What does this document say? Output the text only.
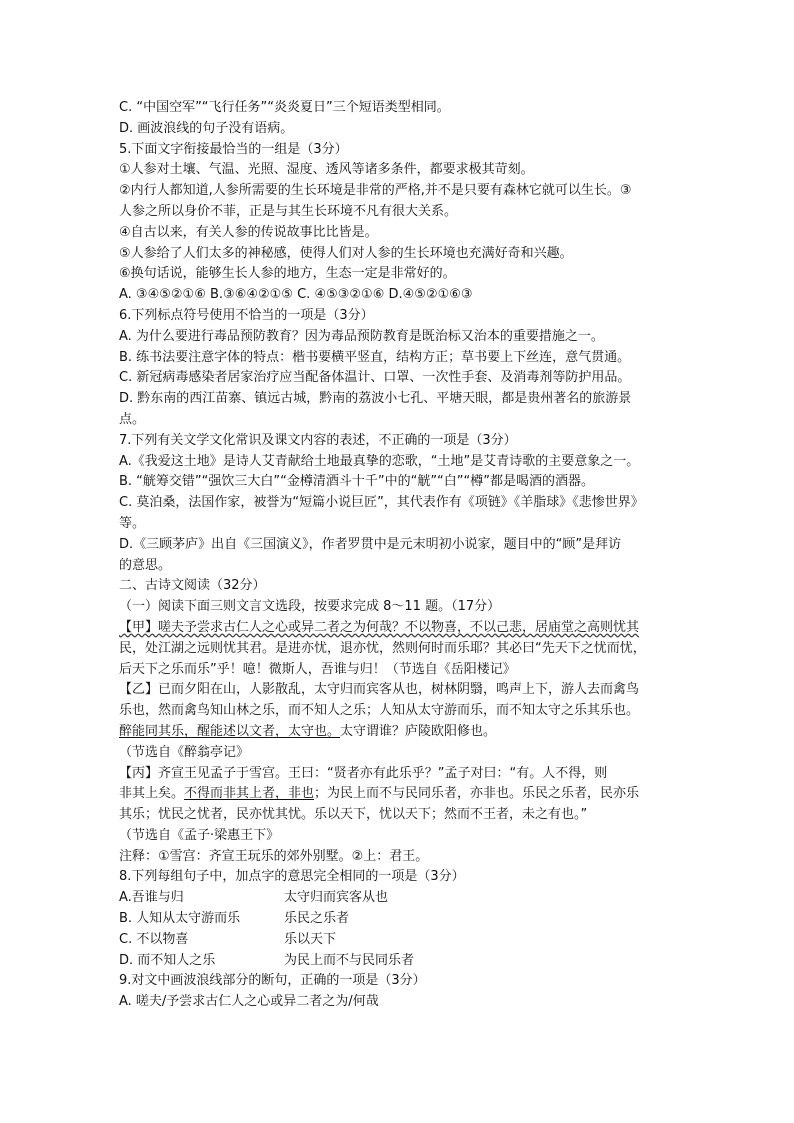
C. “中国空军”“飞行任务”“炎炎夏日”三个短语类型相同。

D. 画波浪线的句子没有语病。

5.下面文字衔接最恰当的一组是（3分）

①人参对土壤、气温、光照、湿度、透风等诸多条件，都要求极其苛刻。

②内行人都知道,人参所需要的生长环境是非常的严格,并不是只要有森林它就可以生长。③

人参之所以身价不菲，正是与其生长环境不凡有很大关系。

④自古以来，有关人参的传说故事比比皆是。

⑤人参给了人们太多的神秘感，使得人们对人参的生长环境也充满好奇和兴趣。

⑥换句话说，能够生长人参的地方，生态一定是非常好的。

A. ③④⑤②①⑥ B.③⑥④②①⑤ C. ④⑤③②①⑥ D.④⑤②①⑥③

6.下列标点符号使用不恰当的一项是（3分）

A. 为什么要进行毒品预防教育？因为毒品预防教育是既治标又治本的重要措施之一。

B. 练书法要注意字体的特点：楷书要横平竖直，结构方正；草书要上下丝连，意气贯通。

C. 新冠病毒感染者居家治疗应当配备体温计、口罩、一次性手套、及消毒剂等防护用品。

D. 黔东南的西江苗寨、镇远古城，黔南的荔波小七孔、平塘天眼，都是贵州著名的旅游景

点。

7.下列有关文学文化常识及课文内容的表述，不正确的一项是（3分）

A.《我爱这土地》是诗人艾青献给土地最真挚的恋歌，“土地”是艾青诗歌的主要意象之一。

B. “觥筹交错”“强饮三大白”“金樽清酒斗十千”中的“觥”“白”“樽”都是喝酒的酒器。

C. 莫泊桑，法国作家，被誉为“短篇小说巨匠”，其代表作有《项链》《羊脂球》《悲惨世界》

等。

D.《三顾茅庐》出自《三国演义》，作者罗贯中是元末明初小说家，题目中的“顾”是拜访

的意思。

二、古诗文阅读（32分）

（一）阅读下面三则文言文选段，按要求完成 8～11 题。（17分）

【甲】嗟夫予尝求古仁人之心或异二者之为何哉？不以物喜，不以己悲，居庙堂之高则忧其

民，处江湖之远则忧其君。是进亦忧，退亦忧，然则何时而乐耶？其必曰“先天下之忧而忧，

后天下之乐而乐”乎！噫！微斯人，吾谁与归！（节选自《岳阳楼记》

【乙】已而夕阳在山，人影散乱，太守归而宾客从也，树林阴翳，鸣声上下，游人去而禽鸟

乐也，然而禽鸟知山林之乐，而不知人之乐；人知从太守游而乐，而不知太守之乐其乐也。

醉能同其乐，醒能述以文者，太守也。太守谓谁？庐陵欧阳修也。

（节选自《醉翁亭记》

【丙】齐宣王见孟子于雪宫。王曰：“贤者亦有此乐乎？”孟子对曰：“有。人不得，则

非其上矣。不得而非其上者，非也；为民上而不与民同乐者，亦非也。乐民之乐者，民亦乐

其乐；忧民之忧者，民亦忧其忧。乐以天下，忧以天下；然而不王者，未之有也。”

（节选自《孟子·梁惠王下》

注释：①雪宫：齐宣王玩乐的郊外别墅。②上：君王。

8.下列每组句子中，加点字的意思完全相同的一项是（3分）

A.吾谁与归	太守归而宾客从也
B. 人知从太守游而乐	乐民之乐者
C. 不以物喜	乐以天下
D. 而不知人之乐	为民上而不与民同乐者

9.对文中画波浪线部分的断句，正确的一项是（3分）

A. 嗟夫/予尝求古仁人之心或异二者之为/何哉
